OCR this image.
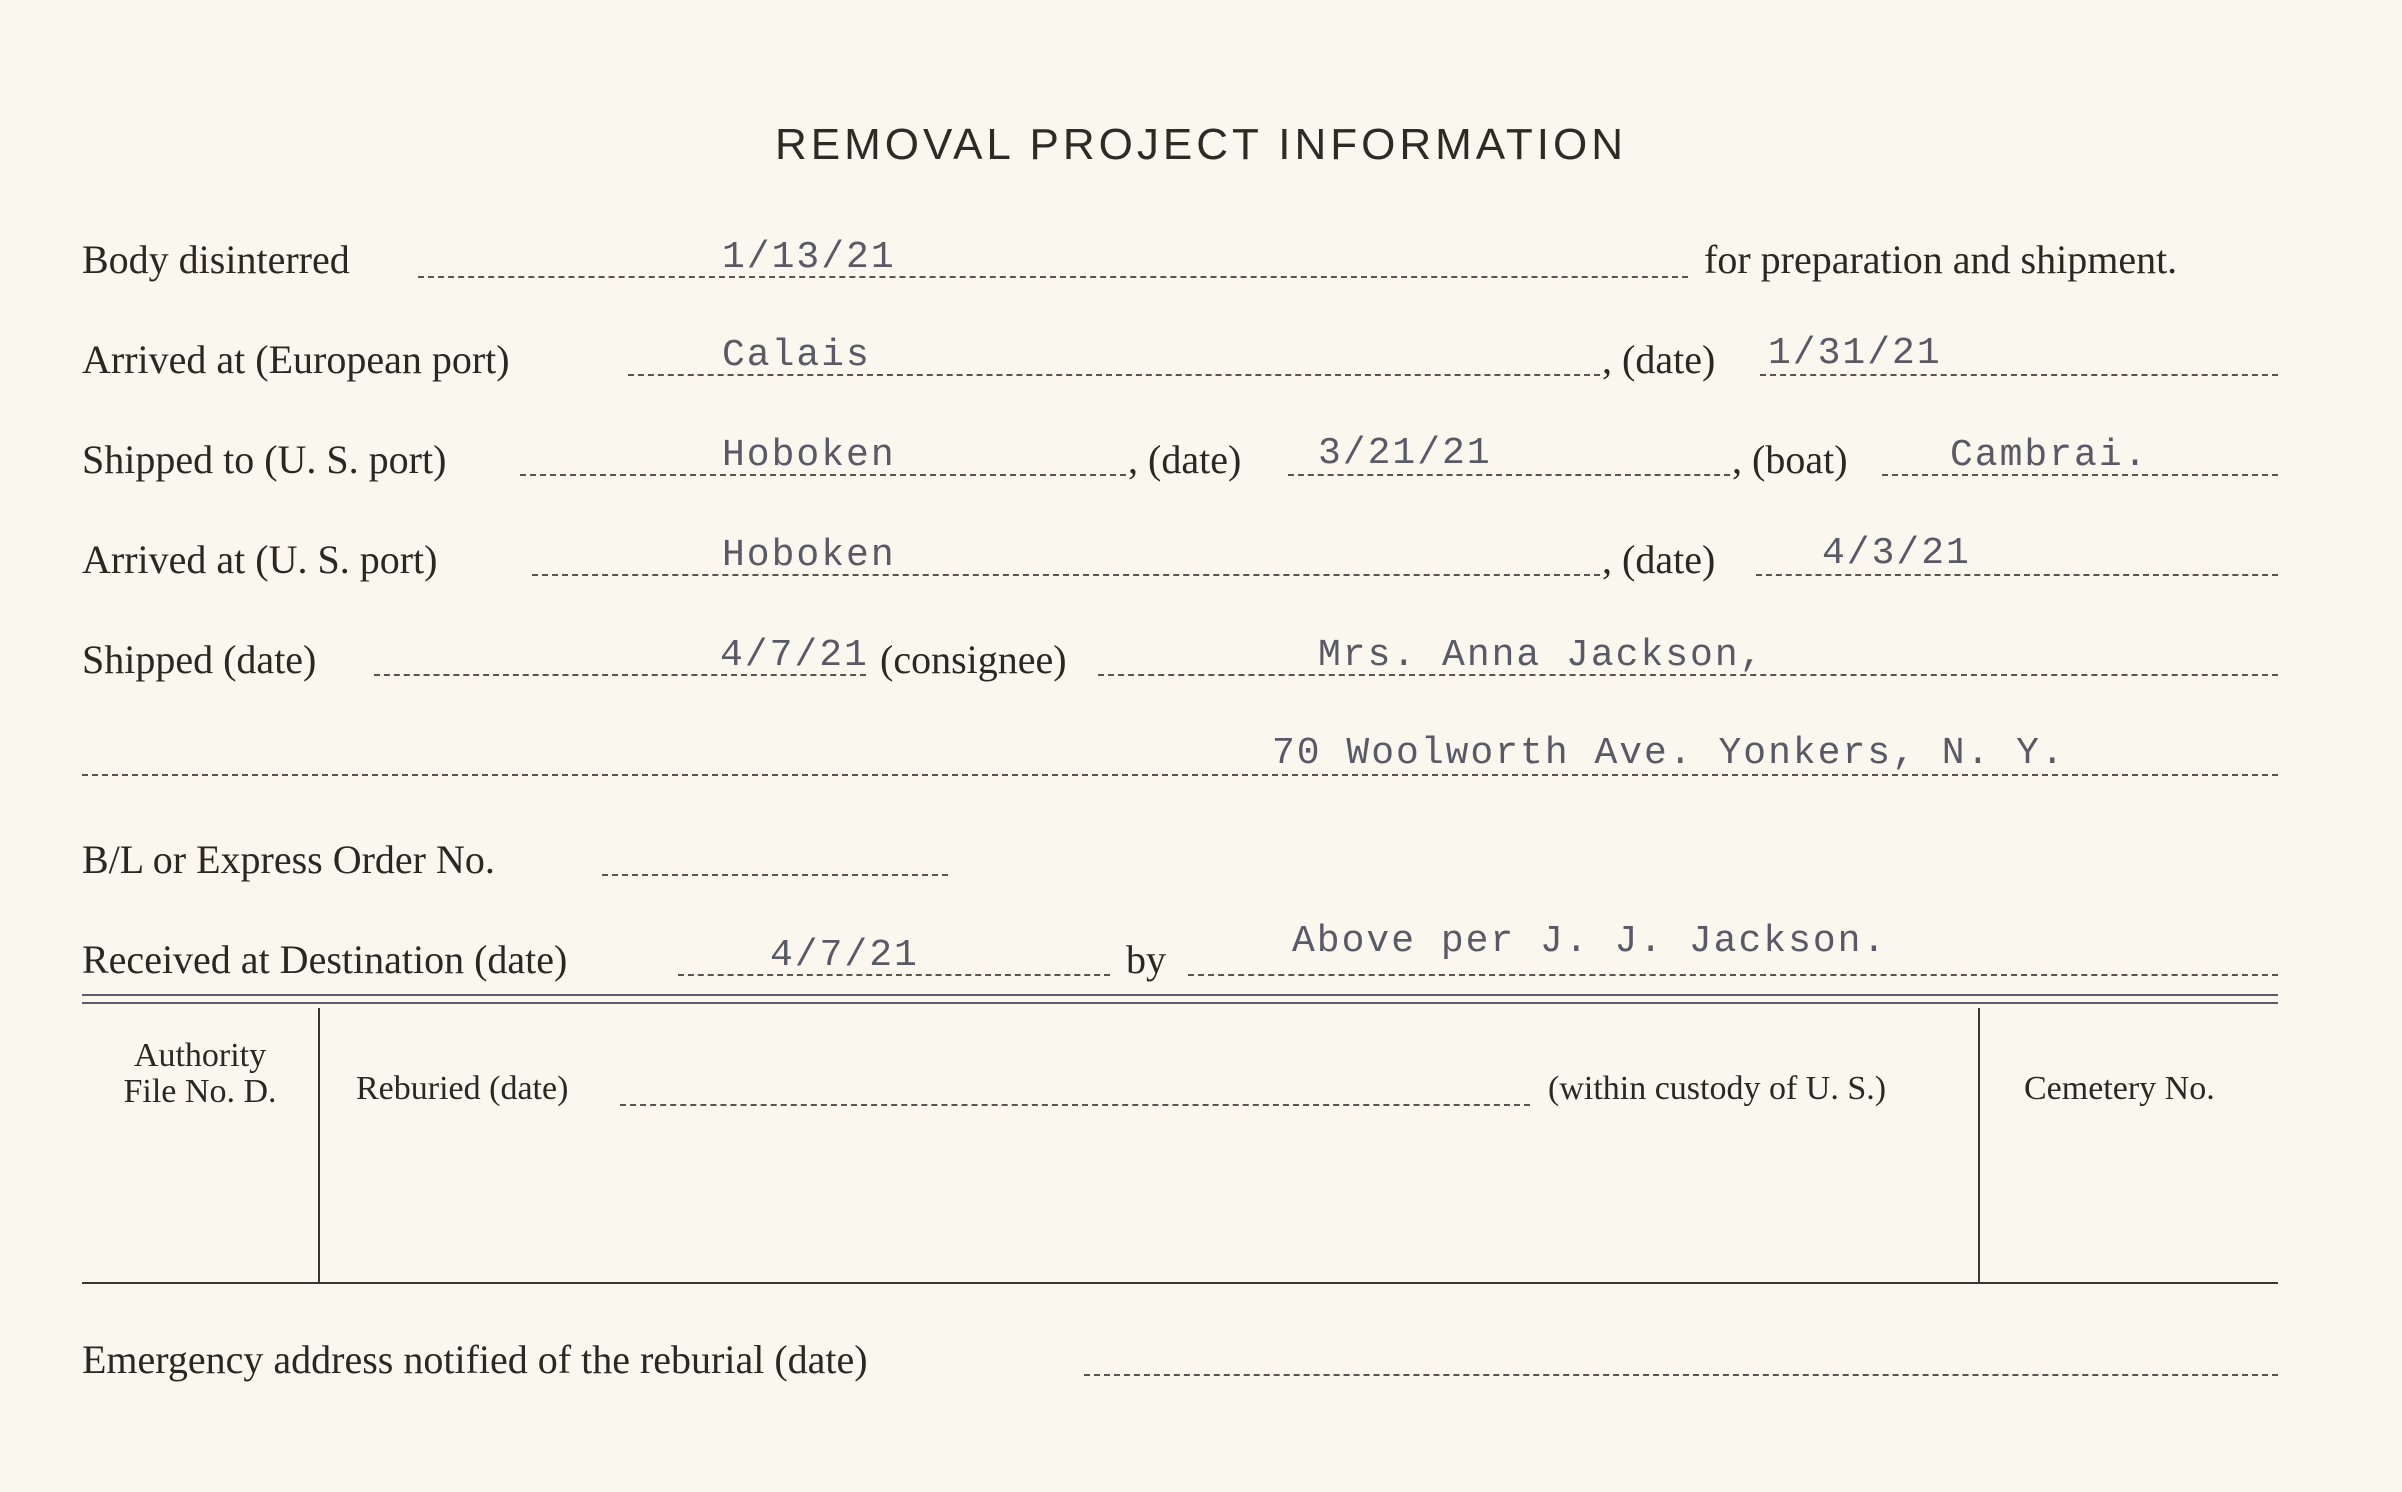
REMOVAL PROJECT INFORMATION
Body disinterred	1/13/21	for preparation and shipment.
Arrived at (European port)	Calais	, (date) 1/31/21
Shipped to (U. S. port)	Hoboken	, (date) 3/21/21	, (boat)	Cambrai.
Arrived at (U. S. port)	Hoboken	, (date)	4/3/21
Shipped (date)	4/7/21 (consignee)	Mrs. Anna Jackson,
70 Woolworth Ave. Yonkers, N. Y.
B/L or Express Order No.
Received at Destination (date)	4/7/21	by	Above per J. J. Jackson.
Authority
File No. D.	Reburied (date)	(within custody of U. S.)	Cemetery No.
Emergency address notified of the reburial (date)
